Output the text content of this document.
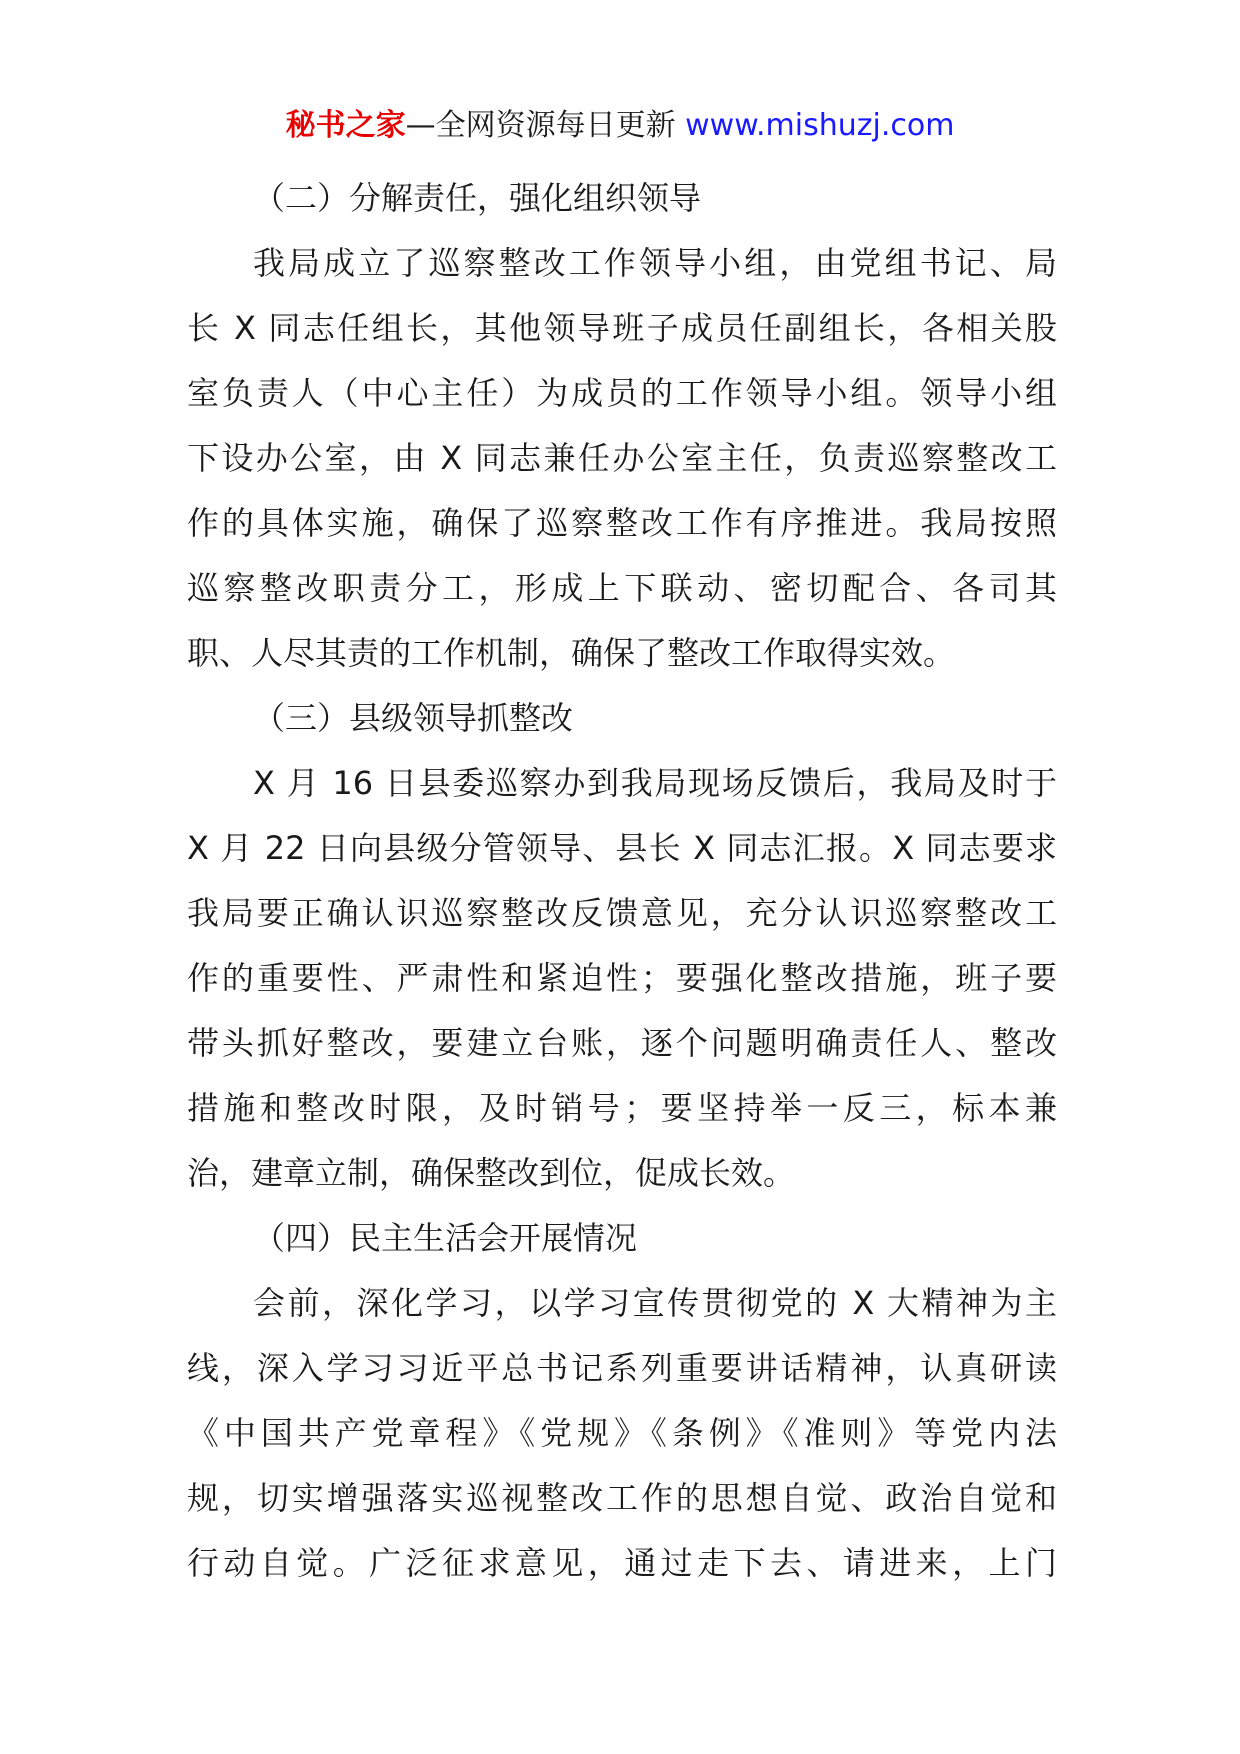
秘书之家—全网资源每日更新 www.mishuzj.com
（二）分解责任，强化组织领导
我局成立了巡察整改工作领导小组，由党组书记、局
长 X 同志任组长，其他领导班子成员任副组长，各相关股
室负责人（中心主任）为成员的工作领导小组。领导小组
下设办公室，由 X 同志兼任办公室主任，负责巡察整改工
作的具体实施，确保了巡察整改工作有序推进。我局按照
巡察整改职责分工，形成上下联动、密切配合、各司其
职、人尽其责的工作机制，确保了整改工作取得实效。
（三）县级领导抓整改
X 月 16 日县委巡察办到我局现场反馈后，我局及时于
X 月 22 日向县级分管领导、县长 X 同志汇报。X 同志要求
我局要正确认识巡察整改反馈意见，充分认识巡察整改工
作的重要性、严肃性和紧迫性；要强化整改措施，班子要
带头抓好整改，要建立台账，逐个问题明确责任人、整改
措施和整改时限，及时销号；要坚持举一反三，标本兼
治，建章立制，确保整改到位，促成长效。
（四）民主生活会开展情况
会前，深化学习，以学习宣传贯彻党的 X 大精神为主
线，深入学习习近平总书记系列重要讲话精神，认真研读
《中国共产党章程》《党规》《条例》《准则》等党内法
规，切实增强落实巡视整改工作的思想自觉、政治自觉和
行动自觉。广泛征求意见，通过走下去、请进来，上门
